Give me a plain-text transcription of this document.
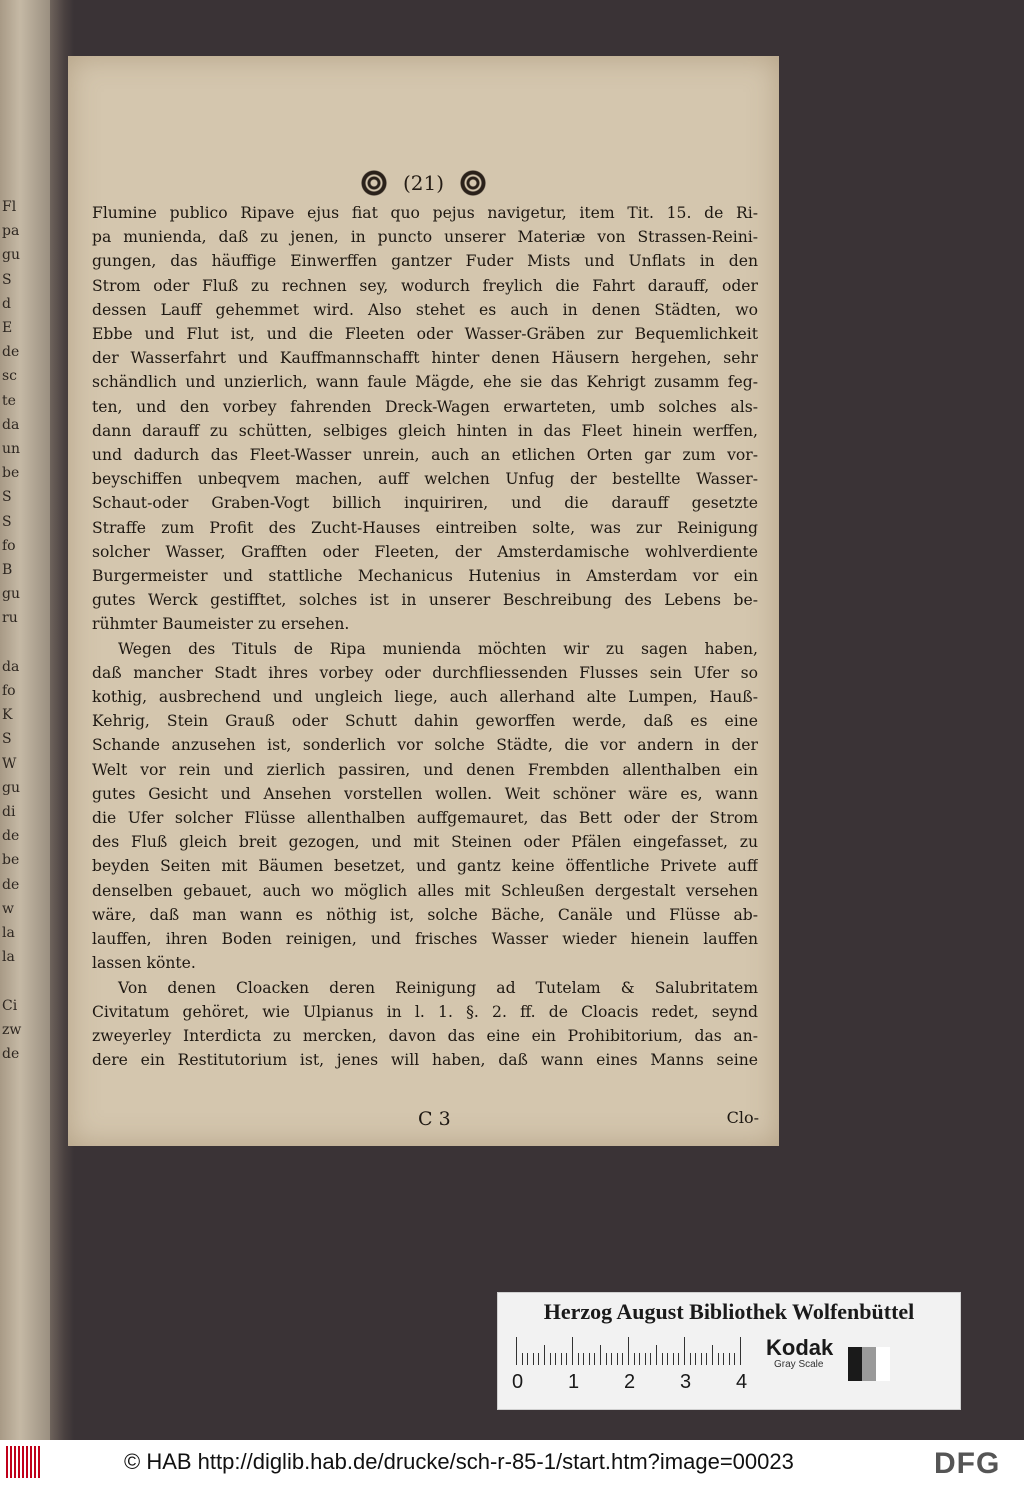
Fl
pa
gu
S
d
E
de
sc
te
da
un
be
S
S
fo
B
gu
ru
da
fo
K
S
W
gu
di
de
be
de
w
la
la
Ci
zw
de
(21)
Flumine publico Ripave ejus fiat quo pejus navigetur, item Tit. 15. de Ri-
pa munienda, daß zu jenen, in puncto unserer Materiæ von Strassen-Reini-
gungen, das häuffige Einwerffen gantzer Fuder Mists und Unflats in den
Strom oder Fluß zu rechnen sey, wodurch freylich die Fahrt darauff, oder
dessen Lauff gehemmet wird. Also stehet es auch in denen Städten, wo
Ebbe und Flut ist, und die Fleeten oder Wasser-Gräben zur Bequemlichkeit
der Wasserfahrt und Kauffmannschafft hinter denen Häusern hergehen, sehr
schändlich und unzierlich, wann faule Mägde, ehe sie das Kehrigt zusamm feg-
ten, und den vorbey fahrenden Dreck-Wagen erwarteten, umb solches als-
dann darauff zu schütten, selbiges gleich hinten in das Fleet hinein werffen,
und dadurch das Fleet-Wasser unrein, auch an etlichen Orten gar zum vor-
beyschiffen unbeqvem machen, auff welchen Unfug der bestellte Wasser-
Schaut-oder Graben-Vogt billich inquiriren, und die darauff gesetzte
Straffe zum Profit des Zucht-Hauses eintreiben solte, was zur Reinigung
solcher Wasser, Grafften oder Fleeten, der Amsterdamische wohlverdiente
Burgermeister und stattliche Mechanicus Hutenius in Amsterdam vor ein
gutes Werck gestifftet, solches ist in unserer Beschreibung des Lebens be-
rühmter Baumeister zu ersehen.
Wegen des Tituls de Ripa munienda möchten wir zu sagen haben,
daß mancher Stadt ihres vorbey oder durchfliessenden Flusses sein Ufer so
kothig, ausbrechend und ungleich liege, auch allerhand alte Lumpen, Hauß-
Kehrig, Stein Grauß oder Schutt dahin geworffen werde, daß es eine
Schande anzusehen ist, sonderlich vor solche Städte, die vor andern in der
Welt vor rein und zierlich passiren, und denen Frembden allenthalben ein
gutes Gesicht und Ansehen vorstellen wollen. Weit schöner wäre es, wann
die Ufer solcher Flüsse allenthalben auffgemauret, das Bett oder der Strom
des Fluß gleich breit gezogen, und mit Steinen oder Pfälen eingefasset, zu
beyden Seiten mit Bäumen besetzet, und gantz keine öffentliche Privete auff
denselben gebauet, auch wo möglich alles mit Schleußen dergestalt versehen
wäre, daß man wann es nöthig ist, solche Bäche, Canäle und Flüsse ab-
lauffen, ihren Boden reinigen, und frisches Wasser wieder hienein lauffen
lassen könte.
Von denen Cloacken deren Reinigung ad Tutelam & Salubritatem
Civitatum gehöret, wie Ulpianus in l. 1. §. 2. ff. de Cloacis redet, seynd
zweyerley Interdicta zu mercken, davon das eine ein Prohibitorium, das an-
dere ein Restitutorium ist, jenes will haben, daß wann eines Manns seine
C 3	Clo-
Herzog August Bibliothek Wolfenbüttel
0 1 2 3 4
Kodak
Gray Scale
© HAB http://diglib.hab.de/drucke/sch-r-85-1/start.htm?image=00023	DFG
